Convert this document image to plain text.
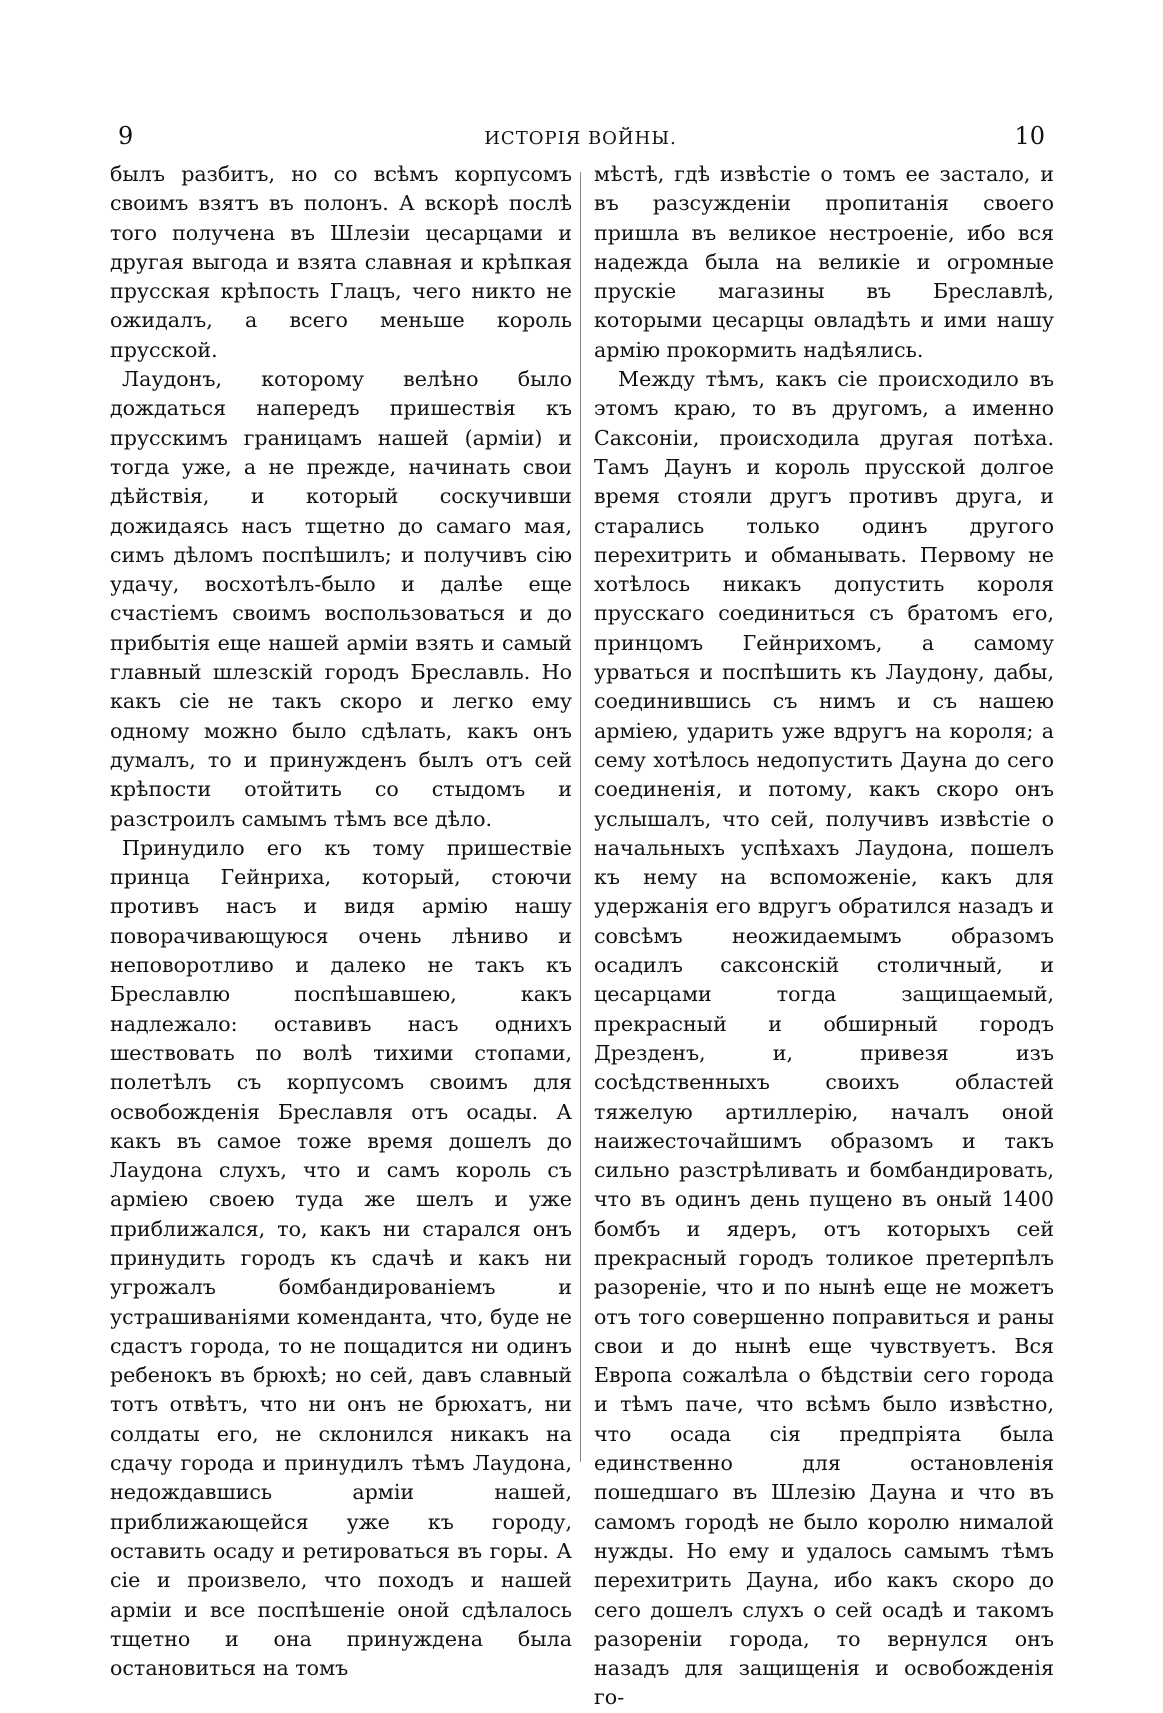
9	ИСТОРІЯ ВОЙНЫ.	10

былъ разбитъ, но со всѣмъ корпусомъ своимъ взятъ въ полонъ. А вскорѣ послѣ того получена въ Шлезіи цесарцами и другая выгода и взята славная и крѣпкая прусская крѣпость Глацъ, чего никто не ожидалъ, а всего меньше король прусской.

Лаудонъ, которому велѣно было дождаться напередъ пришествія къ прусскимъ границамъ нашей (арміи) и тогда уже, а не прежде, начинать свои дѣйствія, и который соскучивши дожидаясь насъ тщетно до самаго мая, симъ дѣломъ поспѣшилъ; и получивъ сію удачу, восхотѣлъ-было и далѣе еще счастіемъ своимъ воспользоваться и до прибытія еще нашей арміи взять и самый главный шлезскій городъ Бреславль. Но какъ сіе не такъ скоро и легко ему одному можно было сдѣлать, какъ онъ думалъ, то и принужденъ былъ отъ сей крѣпости отойтить со стыдомъ и разстроилъ самымъ тѣмъ все дѣло.

Принудило его къ тому пришествіе принца Гейнриха, который, стоючи противъ насъ и видя армію нашу поворачивающуюся очень лѣниво и неповоротливо и далеко не такъ къ Бреславлю поспѣшавшею, какъ надлежало: оставивъ насъ однихъ шествовать по волѣ тихими стопами, полетѣлъ съ корпусомъ своимъ для освобожденія Бреславля отъ осады. А какъ въ самое тоже время дошелъ до Лаудона слухъ, что и самъ король съ арміею своею туда же шелъ и уже приближался, то, какъ ни старался онъ принудить городъ къ сдачѣ и какъ ни угрожалъ бомбандированіемъ и устрашиваніями коменданта, что, буде не сдастъ города, то не пощадится ни одинъ ребенокъ въ брюхѣ; но сей, давъ славный тотъ отвѣтъ, что ни онъ не брюхатъ, ни солдаты его, не склонился никакъ на сдачу города и принудилъ тѣмъ Лаудона, недождавшись арміи нашей, приближающейся уже къ городу, оставить осаду и ретироваться въ горы. А сіе и произвело, что походъ и нашей арміи и все поспѣшеніе оной сдѣлалось тщетно и она принуждена была остановиться на томъ

мѣстѣ, гдѣ извѣстіе о томъ ее застало, и въ разсужденіи пропитанія своего пришла въ великое нестроеніе, ибо вся надежда была на великіе и огромные прускіе магазины въ Бреславлѣ, которыми цесарцы овладѣть и ими нашу армію прокормить надѣялись.

Между тѣмъ, какъ сіе происходило въ этомъ краю, то въ другомъ, а именно Саксоніи, происходила другая потѣха. Тамъ Даунъ и король прусской долгое время стояли другъ противъ друга, и старались только одинъ другого перехитрить и обманывать. Первому не хотѣлось никакъ допустить короля прусскаго соединиться съ братомъ его, принцомъ Гейнрихомъ, а самому урваться и поспѣшить къ Лаудону, дабы, соединившись съ нимъ и съ нашею арміею, ударить уже вдругъ на короля; а сему хотѣлось недопустить Дауна до сего соединенія, и потому, какъ скоро онъ услышалъ, что сей, получивъ извѣстіе о начальныхъ успѣхахъ Лаудона, пошелъ къ нему на вспоможеніе, какъ для удержанія его вдругъ обратился назадъ и совсѣмъ неожидаемымъ образомъ осадилъ саксонскій столичный, и цесарцами тогда защищаемый, прекрасный и обширный городъ Дрезденъ, и, привезя изъ сосѣдственныхъ своихъ областей тяжелую артиллерію, началъ оной наижесточайшимъ образомъ и такъ сильно разстрѣливать и бомбандировать, что въ одинъ день пущено въ оный 1400 бомбъ и ядеръ, отъ которыхъ сей прекрасный городъ толикое претерпѣлъ разореніе, что и по нынѣ еще не можетъ отъ того совершенно поправиться и раны свои и до нынѣ еще чувствуетъ. Вся Европа сожалѣла о бѣдствіи сего города и тѣмъ паче, что всѣмъ было извѣстно, что осада сія предпріята была единственно для остановленія пошедшаго въ Шлезію Дауна и что въ самомъ городѣ не было королю нималой нужды. Но ему и удалось самымъ тѣмъ перехитрить Дауна, ибо какъ скоро до сего дошелъ слухъ о сей осадѣ и такомъ разореніи города, то вернулся онъ назадъ для защищенія и освобожденія го-
